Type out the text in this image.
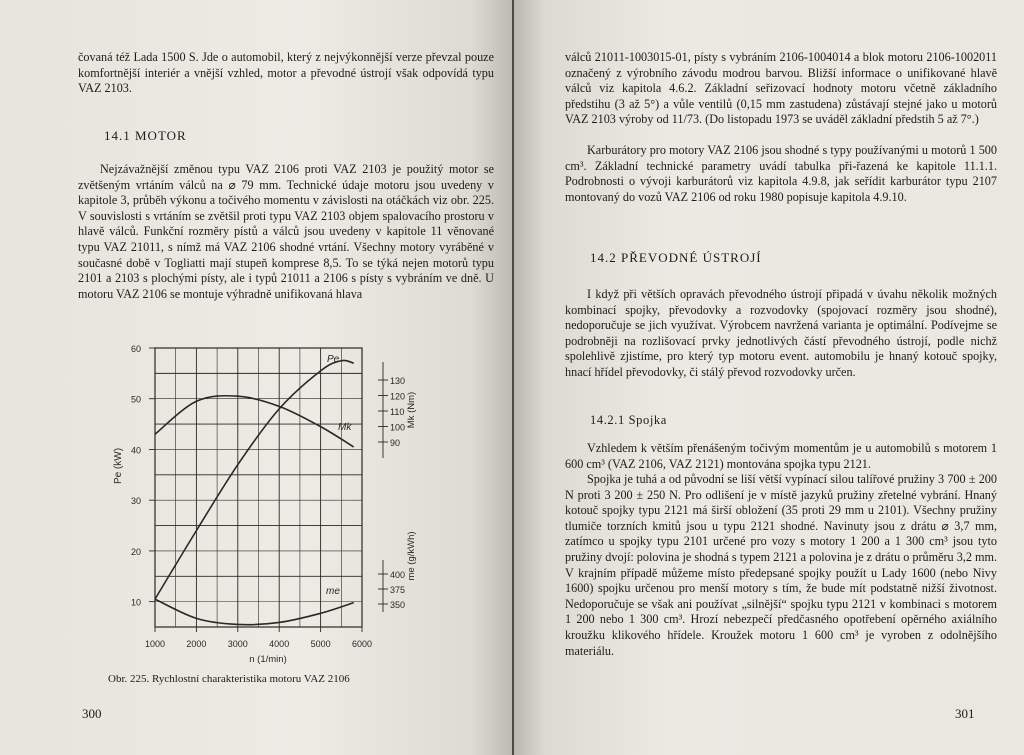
čovaná též Lada 1500 S. Jde o automobil, který z nejvýkonnější verze převzal pouze komfortnější interiér a vnější vzhled, motor a převodné ústrojí však odpovídá typu VAZ 2103.
14.1 MOTOR
Nejzávažnější změnou typu VAZ 2106 proti VAZ 2103 je použitý motor se zvětšeným vrtáním válců na ⌀ 79 mm. Technické údaje motoru jsou uvedeny v kapitole 3, průběh výkonu a točivého momentu v závislosti na otáčkách viz obr. 225. V souvislosti s vrtáním se zvětšil proti typu VAZ 2103 objem spalovacího prostoru v hlavě válců. Funkční rozměry pístů a válců jsou uvedeny v kapitole 11 věnované typu VAZ 21011, s nímž má VAZ 2106 shodné vrtání. Všechny motory vyráběné v současné době v Togliatti mají stupeň komprese 8,5. To se týká nejen motorů typu 2101 a 2103 s plochými písty, ale i typů 21011 a 2106 s písty s vybráním ve dně. U motoru VAZ 2106 se montuje výhradně unifikovaná hlava
Pe
Mk
me
10
20
30
40
50
60
Pe (kW)
1000 2000 3000 4000 5000 6000
n (1/min)
90
100
110
120
130
Mk (Nm)
350
375
400 me (g/kWh)
Obr. 225. Rychlostní charakteristika motoru VAZ 2106
300
válců 21011-1003015-01, písty s vybráním 2106-1004014 a blok motoru 2106-1002011 označený z výrobního závodu modrou barvou. Bližší informace o unifikované hlavě válců viz kapitola 4.6.2. Základní seřizovací hodnoty motoru včetně základního předstihu (3 až 5°) a vůle ventilů (0,15 mm zastudena) zůstávají stejné jako u motorů VAZ 2103 výroby od 11/73. (Do listopadu 1973 se uváděl základní předstih 5 až 7°.)
Karburátory pro motory VAZ 2106 jsou shodné s typy používanými u motorů 1 500 cm³. Základní technické parametry uvádí tabulka při-řazená ke kapitole 11.1.1. Podrobnosti o vývoji karburátorů viz kapitola 4.9.8, jak seřídit karburátor typu 2107 montovaný do vozů VAZ 2106 od roku 1980 popisuje kapitola 4.9.10.
14.2 PŘEVODNÉ ÚSTROJÍ
I když při větších opravách převodného ústrojí připadá v úvahu několik možných kombinací spojky, převodovky a rozvodovky (spojovací rozměry jsou shodné), nedoporučuje se jich využívat. Výrobcem navržená varianta je optimální. Podívejme se podrobněji na rozlišovací prvky jednotlivých částí převodného ústrojí, podle nichž spolehlivě zjistíme, pro který typ motoru event. automobilu je hnaný kotouč spojky, hnací hřídel převodovky, či stálý převod rozvodovky určen.
14.2.1 Spojka
Vzhledem k větším přenášeným točivým momentům je u automobilů s motorem 1 600 cm³ (VAZ 2106, VAZ 2121) montována spojka typu 2121.
Spojka je tuhá a od původní se liší větší vypínací silou talířové pružiny 3 700 ± 200 N proti 3 200 ± 250 N. Pro odlišení je v místě jazyků pružiny zřetelné vybrání. Hnaný kotouč spojky typu 2121 má širší obložení (35 proti 29 mm u 2101). Všechny pružiny tlumiče torzních kmitů jsou u typu 2121 shodné. Navinuty jsou z drátu ⌀ 3,7 mm, zatímco u spojky typu 2101 určené pro vozy s motory 1 200 a 1 300 cm³ jsou tyto pružiny dvojí: polovina je shodná s typem 2121 a polovina je z drátu o průměru 3,2 mm. V krajním případě můžeme místo předepsané spojky použít u Lady 1600 (nebo Nivy 1600) spojku určenou pro menší motory s tím, že bude mít podstatně nižší životnost. Nedoporučuje se však ani používat „silnější“ spojku typu 2121 v kombinaci s motorem 1 200 nebo 1 300 cm³. Hrozí nebezpečí předčasného opotřebení opěrného axiálního kroužku klikového hřídele. Kroužek motoru 1 600 cm³ je vyroben z odolnějšího materiálu.
301
